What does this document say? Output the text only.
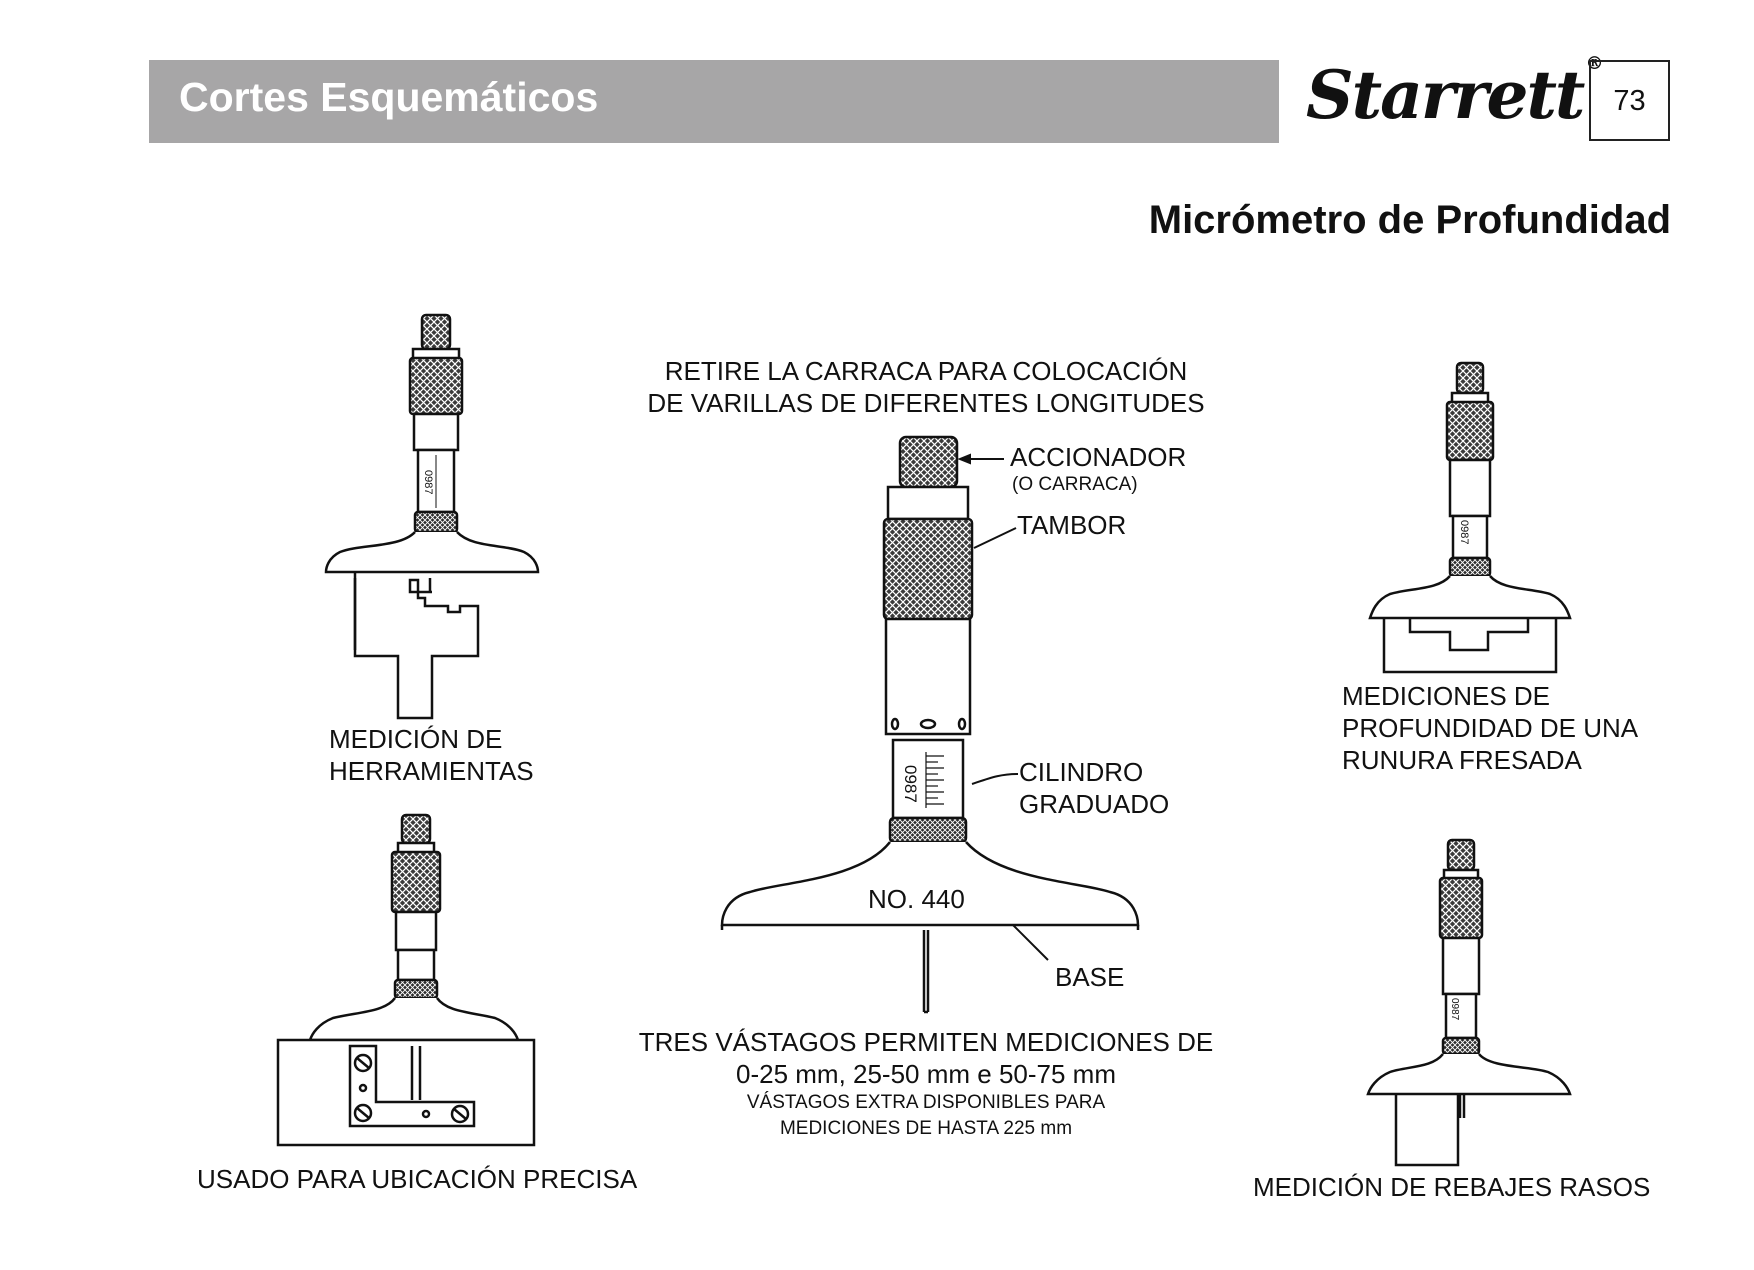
Cortes Esquemáticos	Starrett ®
73
Micrómetro de Profundidad
0987
0987
0987
0987
RETIRE LA CARRACA PARA COLOCACIÓN
DE VARILLAS DE DIFERENTES LONGITUDES
ACCIONADOR
(O CARRACA)
TAMBOR
CILINDRO
GRADUADO
NO. 440
BASE
TRES VÁSTAGOS PERMITEN MEDICIONES DE
0-25 mm, 25-50 mm e 50-75 mm
VÁSTAGOS EXTRA DISPONIBLES PARA
MEDICIONES DE HASTA 225 mm
MEDICIÓN DE
HERRAMIENTAS
USADO PARA UBICACIÓN PRECISA
MEDICIONES DE
PROFUNDIDAD DE UNA
RUNURA FRESADA
MEDICIÓN DE REBAJES RASOS
